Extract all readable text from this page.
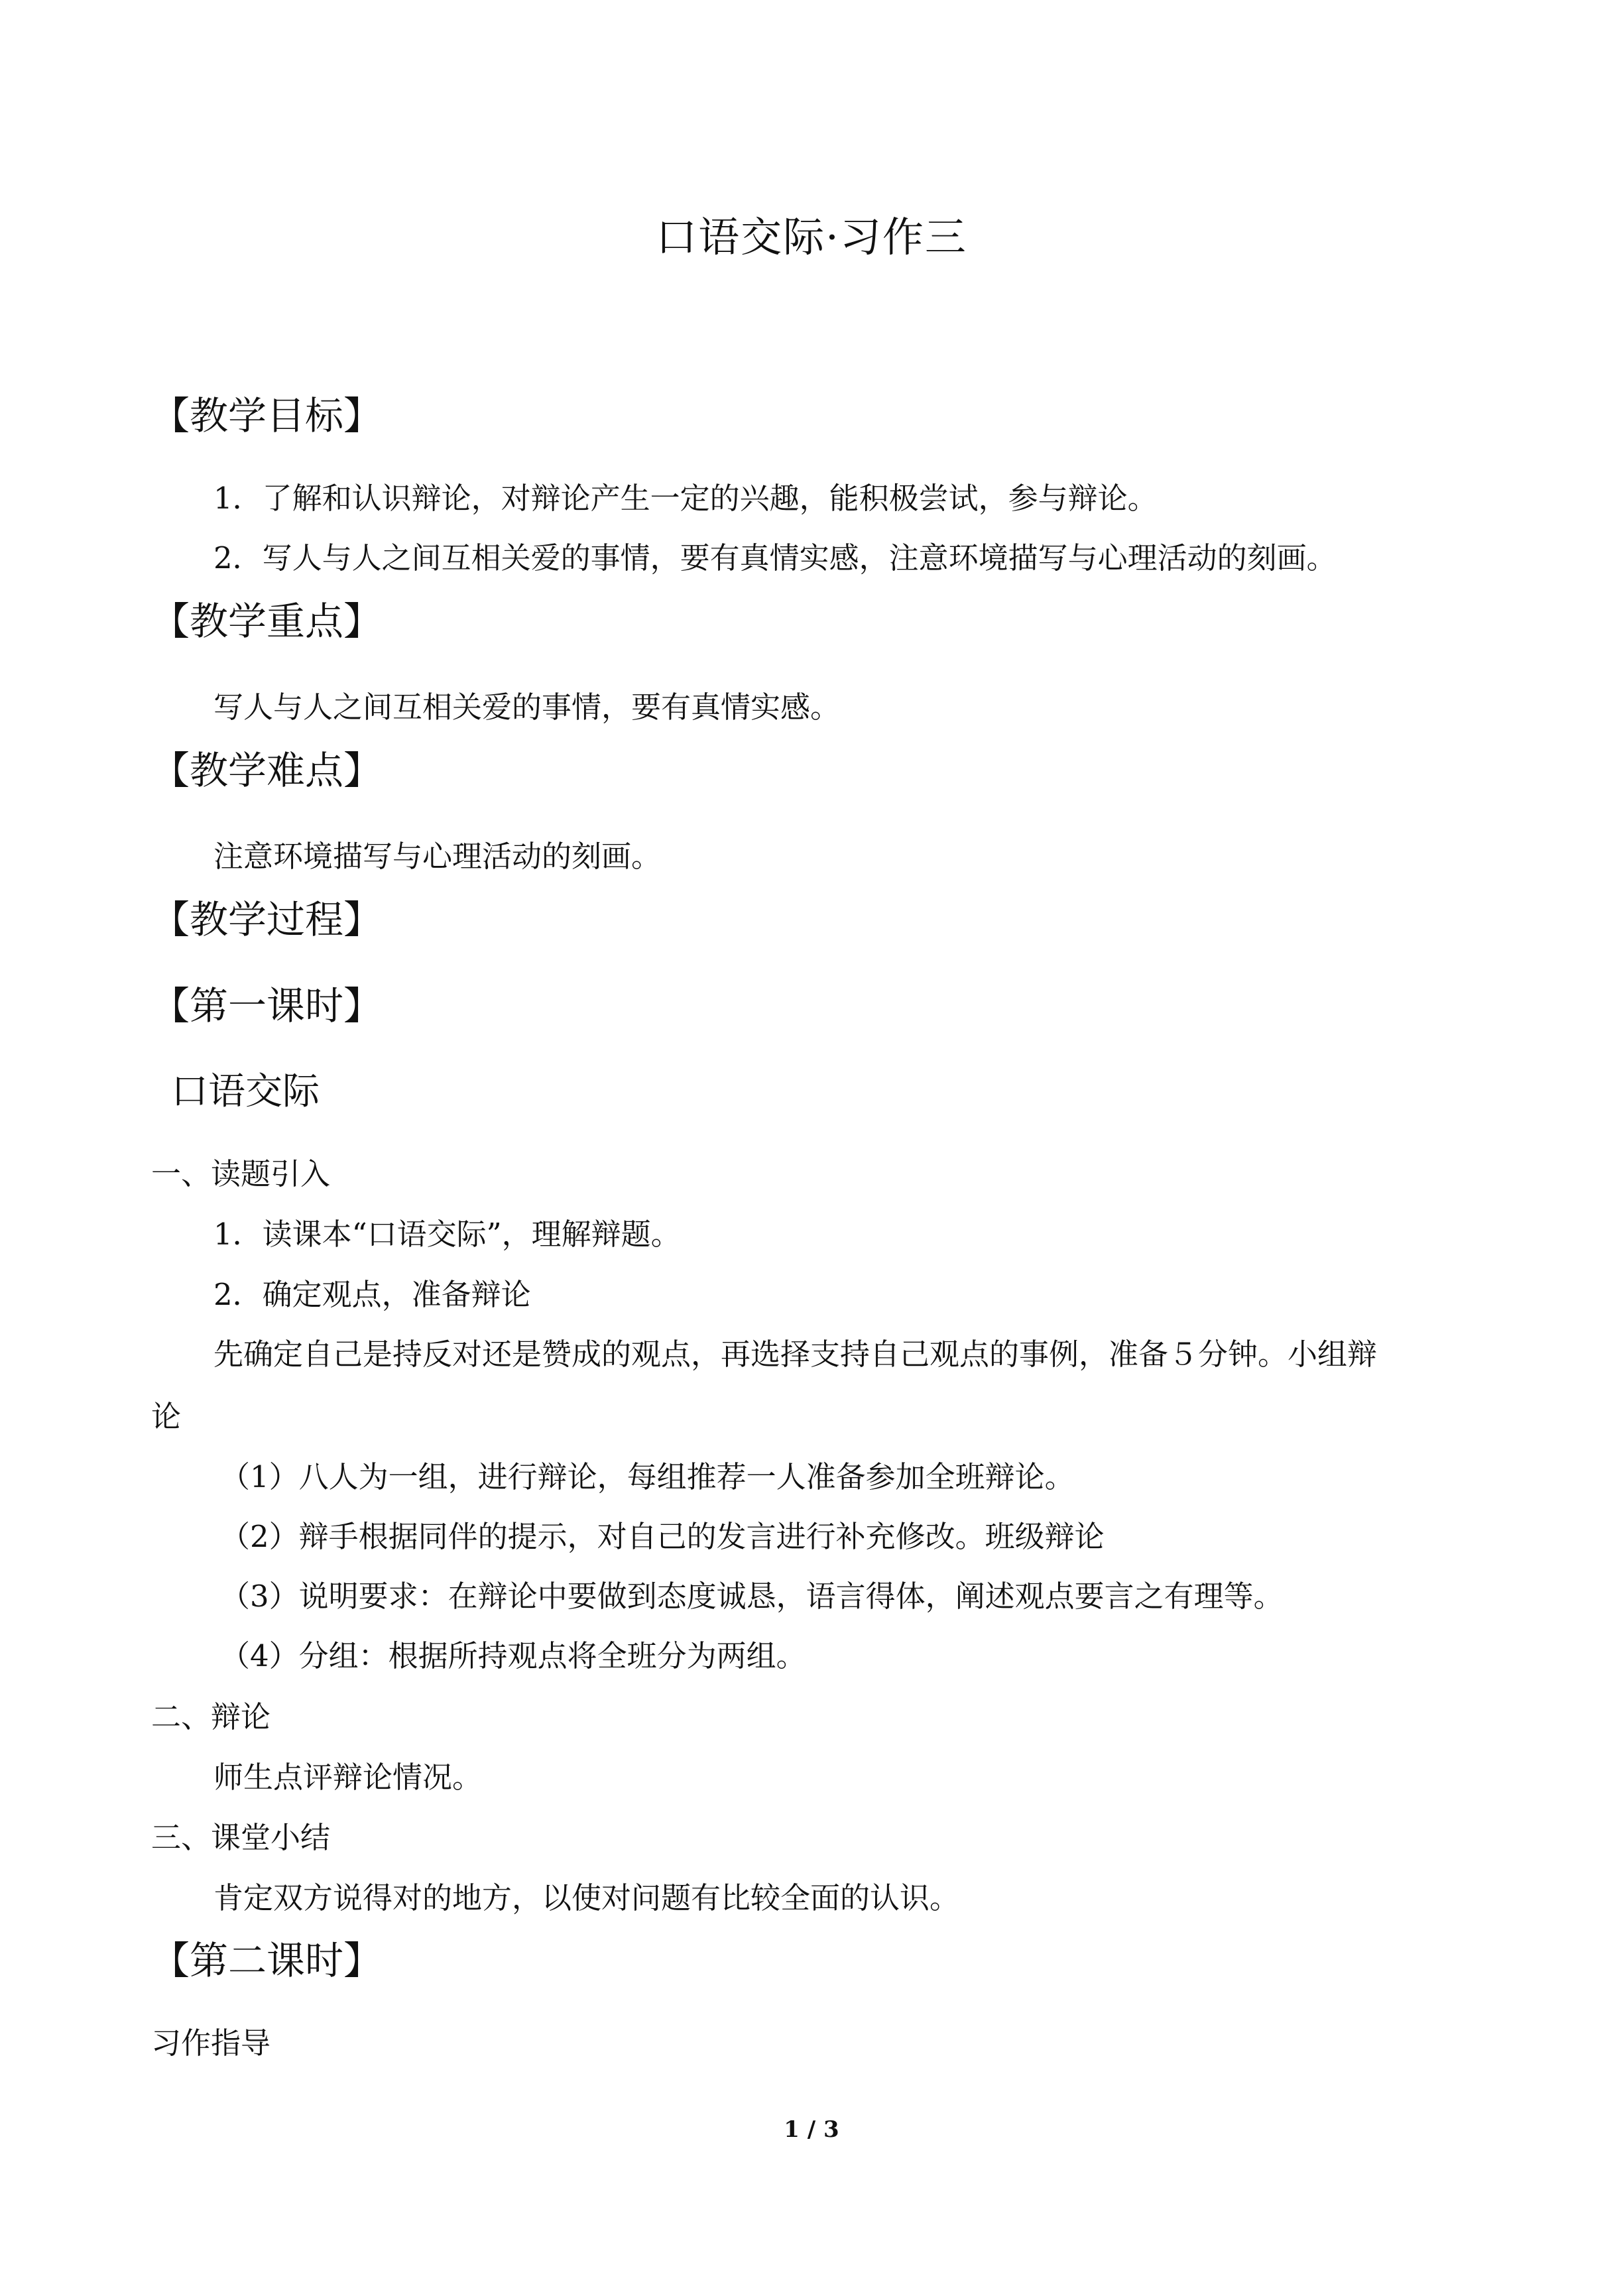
口语交际·习作三
【教学目标】
1．了解和认识辩论，对辩论产生一定的兴趣，能积极尝试，参与辩论。
2．写人与人之间互相关爱的事情，要有真情实感，注意环境描写与心理活动的刻画。
【教学重点】
写人与人之间互相关爱的事情，要有真情实感。
【教学难点】
注意环境描写与心理活动的刻画。
【教学过程】
【第一课时】
口语交际
一、读题引入
1．读课本“口语交际”，理解辩题。
2．确定观点，准备辩论
先确定自己是持反对还是赞成的观点，再选择支持自己观点的事例，准备５分钟。小组辩
论
（1）八人为一组，进行辩论，每组推荐一人准备参加全班辩论。
（2）辩手根据同伴的提示，对自己的发言进行补充修改。班级辩论
（3）说明要求：在辩论中要做到态度诚恳，语言得体，阐述观点要言之有理等。
（4）分组：根据所持观点将全班分为两组。
二、辩论
师生点评辩论情况。
三、课堂小结
肯定双方说得对的地方，以使对问题有比较全面的认识。
【第二课时】
习作指导
1 / 3
